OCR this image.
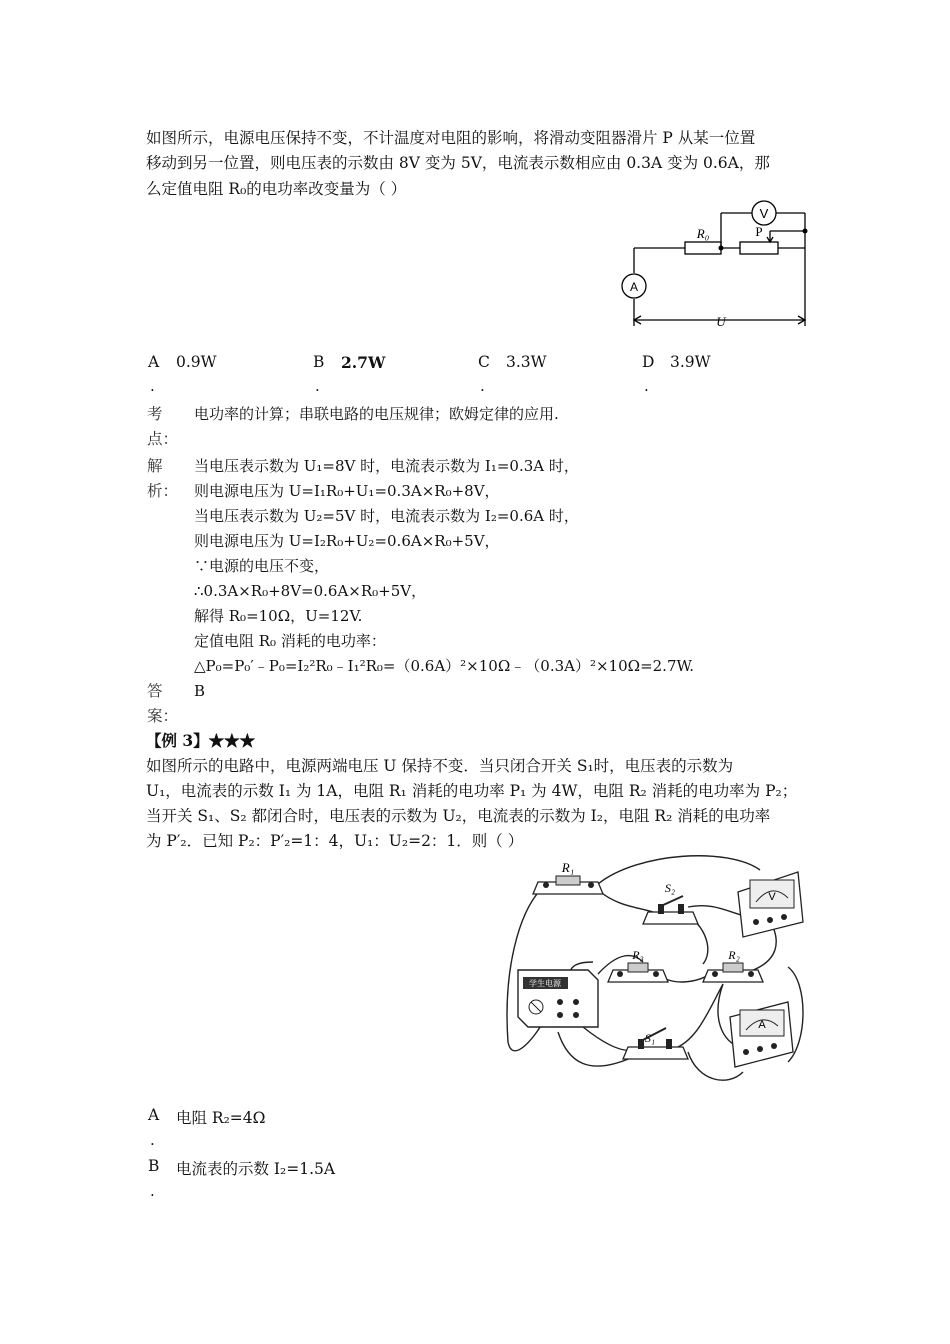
如图所示，电源电压保持不变，不计温度对电阻的影响，将滑动变阻器滑片 P 从某一位置
移动到另一位置，则电压表的示数由 8V 变为 5V，电流表示数相应由 0.3A 变为 0.6A，那
么定值电阻 R₀的电功率改变量为（ ）
R₀	P
V
A
U
A 0.9W
.
B 2.7W
.
C 3.3W
.
D 3.9W
.
考
点：
电功率的计算；串联电路的电压规律；欧姆定律的应用.
解
析：
当电压表示数为 U₁=8V 时，电流表示数为 I₁=0.3A 时，
则电源电压为 U=I₁R₀+U₁=0.3A×R₀+8V，
当电压表示数为 U₂=5V 时，电流表示数为 I₂=0.6A 时，
则电源电压为 U=I₂R₀+U₂=0.6A×R₀+5V，
∵电源的电压不变，
∴0.3A×R₀+8V=0.6A×R₀+5V，
解得 R₀=10Ω，U=12V.
定值电阻 R₀ 消耗的电功率：
△P₀=P₀′﹣P₀=I₂²R₀﹣I₁²R₀=（0.6A）²×10Ω﹣（0.3A）²×10Ω=2.7W.
答
案：
B
【例 3】★★★
如图所示的电路中，电源两端电压 U 保持不变．当只闭合开关 S₁时，电压表的示数为
U₁，电流表的示数 I₁ 为 1A，电阻 R₁ 消耗的电功率 P₁ 为 4W，电阻 R₂ 消耗的电功率为 P₂；
当开关 S₁、S₂ 都闭合时，电压表的示数为 U₂，电流表的示数为 I₂，电阻 R₂ 消耗的电功率
为 P′₂．已知 P₂：P′₂=1：4，U₁：U₂=2：1．则（ ）
R₁
S₂
V
R₃	R₂
学生电源
S₁
A
A 电阻 R₂=4Ω
.
B 电流表的示数 I₂=1.5A
.
